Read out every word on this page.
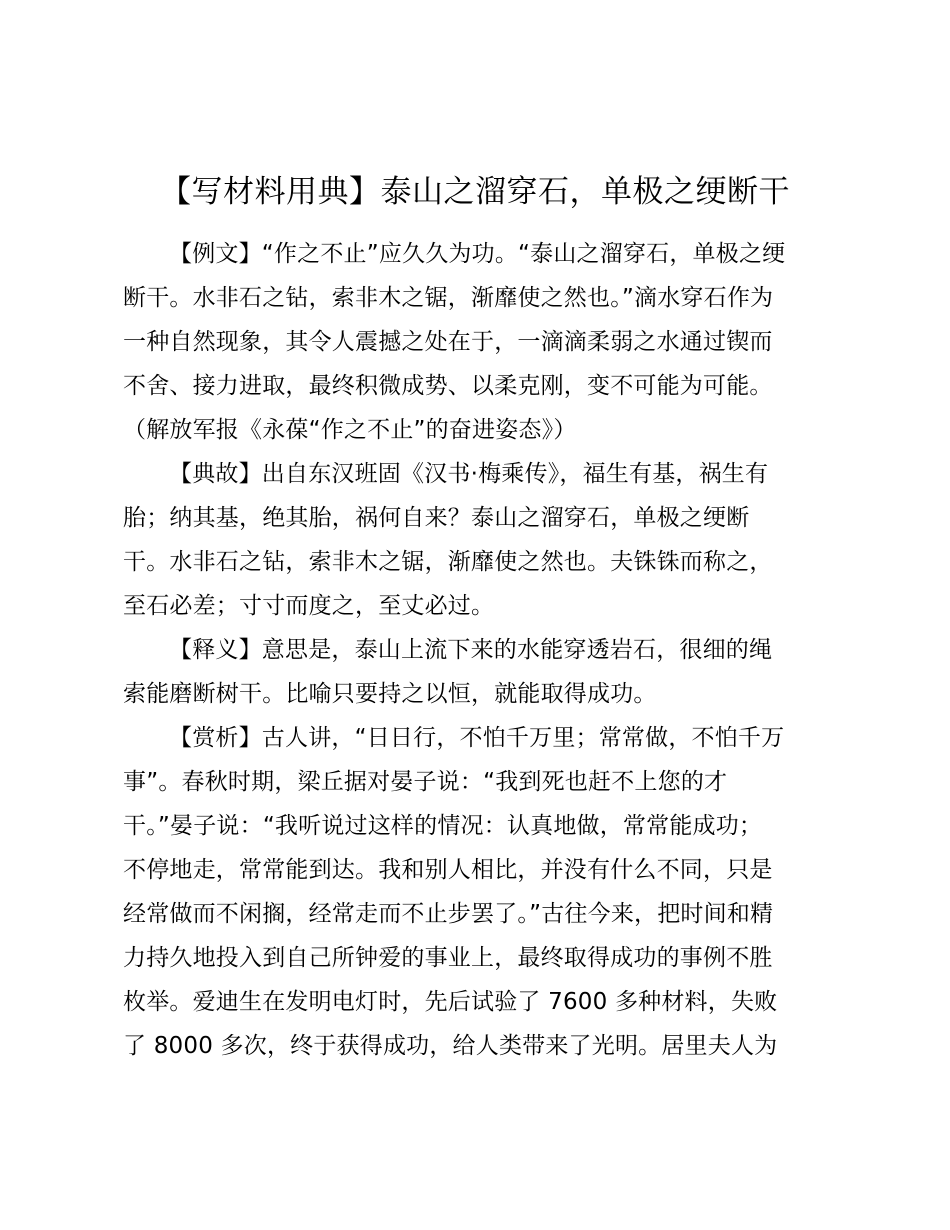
【写材料用典】泰山之溜穿石，单极之绠断干
【例文】“作之不止”应久久为功。“泰山之溜穿石，单极之绠
断干。水非石之钻，索非木之锯，渐靡使之然也。”滴水穿石作为
一种自然现象，其令人震撼之处在于，一滴滴柔弱之水通过锲而
不舍、接力进取，最终积微成势、以柔克刚，变不可能为可能。
（解放军报《永葆“作之不止”的奋进姿态》）
【典故】出自东汉班固《汉书·梅乘传》，福生有基，祸生有
胎；纳其基，绝其胎，祸何自来？泰山之溜穿石，单极之绠断
干。水非石之钻，索非木之锯，渐靡使之然也。夫铢铢而称之，
至石必差；寸寸而度之，至丈必过。
【释义】意思是，泰山上流下来的水能穿透岩石，很细的绳
索能磨断树干。比喻只要持之以恒，就能取得成功。
【赏析】古人讲，“日日行，不怕千万里；常常做，不怕千万
事”。春秋时期，梁丘据对晏子说：“我到死也赶不上您的才
干。”晏子说：“我听说过这样的情况：认真地做，常常能成功；
不停地走，常常能到达。我和别人相比，并没有什么不同，只是
经常做而不闲搁，经常走而不止步罢了。”古往今来，把时间和精
力持久地投入到自己所钟爱的事业上，最终取得成功的事例不胜
枚举。爱迪生在发明电灯时，先后试验了 7600 多种材料，失败
了 8000 多次，终于获得成功，给人类带来了光明。居里夫人为
